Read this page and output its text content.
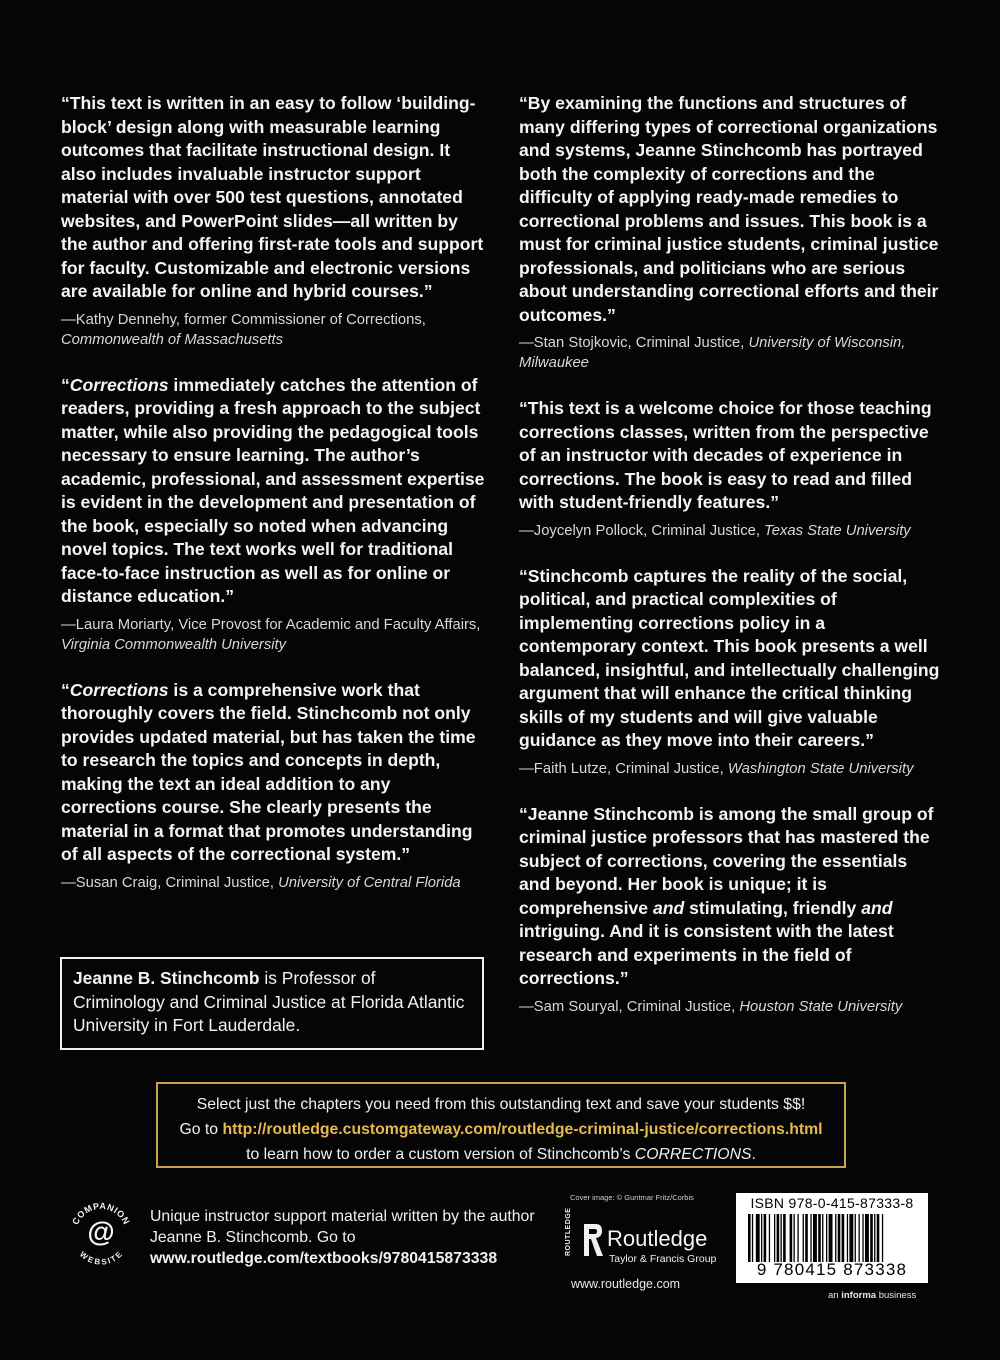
“This text is written in an easy to follow ‘building-block’ design along with measurable learning outcomes that facilitate instructional design. It also includes invaluable instructor support material with over 500 test questions, annotated websites, and PowerPoint slides—all written by the author and offering first-rate tools and support for faculty. Customizable and electronic versions are available for online and hybrid courses.”

—Kathy Dennehy, former Commissioner of Corrections,
Commonwealth of Massachusetts

“Corrections immediately catches the attention of readers, providing a fresh approach to the subject matter, while also providing the pedagogical tools necessary to ensure learning. The author’s academic, professional, and assessment expertise is evident in the development and presentation of the book, especially so noted when advancing novel topics. The text works well for traditional face-to-face instruction as well as for online or distance education.”

—Laura Moriarty, Vice Provost for Academic and Faculty Affairs, Virginia Commonwealth University

“Corrections is a comprehensive work that thoroughly covers the field. Stinchcomb not only provides updated material, but has taken the time to research the topics and concepts in depth, making the text an ideal addition to any corrections course. She clearly presents the material in a format that promotes understanding of all aspects of the correctional system.”

—Susan Craig, Criminal Justice, University of Central Florida

“By examining the functions and structures of many differing types of correctional organizations and systems, Jeanne Stinchcomb has portrayed both the complexity of corrections and the difficulty of applying ready-made remedies to correctional problems and issues. This book is a must for criminal justice students, criminal justice professionals, and politicians who are serious about understanding correctional efforts and their outcomes.”

—Stan Stojkovic, Criminal Justice, University of Wisconsin, Milwaukee

“This text is a welcome choice for those teaching corrections classes, written from the perspective of an instructor with decades of experience in corrections. The book is easy to read and filled with student-friendly features.”

—Joycelyn Pollock, Criminal Justice, Texas State University

“Stinchcomb captures the reality of the social, political, and practical complexities of implementing corrections policy in a contemporary context. This book presents a well balanced, insightful, and intellectually challenging argument that will enhance the critical thinking skills of my students and will give valuable guidance as they move into their careers.”

—Faith Lutze, Criminal Justice, Washington State University

“Jeanne Stinchcomb is among the small group of criminal justice professors that has mastered the subject of corrections, covering the essentials and beyond. Her book is unique; it is comprehensive and stimulating, friendly and intriguing. And it is consistent with the latest research and experiments in the field of corrections.”

—Sam Souryal, Criminal Justice, Houston State University
Jeanne B. Stinchcomb is Professor of Criminology and Criminal Justice at Florida Atlantic University in Fort Lauderdale.
Select just the chapters you need from this outstanding text and save your students $$!
Go to http://routledge.customgateway.com/routledge-criminal-justice/corrections.html
to learn how to order a custom version of Stinchcomb’s CORRECTIONS.
COMPANION
WEBSITE
@ Unique instructor support material written by the author Jeanne B. Stinchcomb. Go to
www.routledge.com/textbooks/9780415873338
Cover image: © Guntmar Fritz/Corbis
ROUTLEDGE Routledge
Taylor & Francis Group
www.routledge.com
ISBN 978-0-415-87333-8
9 780415 873338
an informa business
